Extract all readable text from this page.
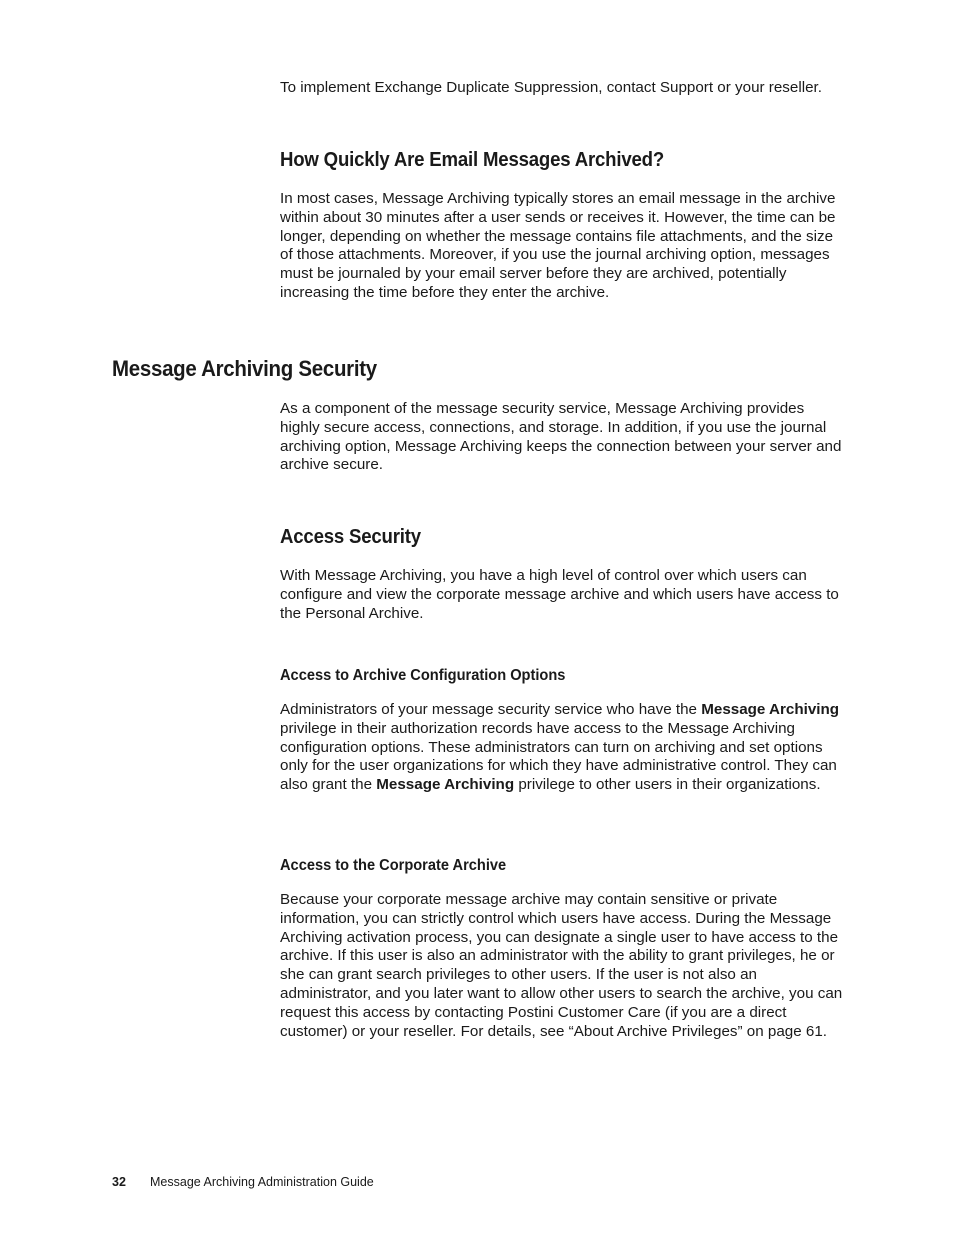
To implement Exchange Duplicate Suppression, contact Support or your reseller.

How Quickly Are Email Messages Archived?

In most cases, Message Archiving typically stores an email message in the archive within about 30 minutes after a user sends or receives it. However, the time can be longer, depending on whether the message contains file attachments, and the size of those attachments. Moreover, if you use the journal archiving option, messages must be journaled by your email server before they are archived, potentially increasing the time before they enter the archive.

Message Archiving Security

As a component of the message security service, Message Archiving provides highly secure access, connections, and storage. In addition, if you use the journal archiving option, Message Archiving keeps the connection between your server and archive secure.

Access Security

With Message Archiving, you have a high level of control over which users can configure and view the corporate message archive and which users have access to the Personal Archive.

Access to Archive Configuration Options

Administrators of your message security service who have the Message Archiving privilege in their authorization records have access to the Message Archiving configuration options. These administrators can turn on archiving and set options only for the user organizations for which they have administrative control. They can also grant the Message Archiving privilege to other users in their organizations.

Access to the Corporate Archive

Because your corporate message archive may contain sensitive or private information, you can strictly control which users have access. During the Message Archiving activation process, you can designate a single user to have access to the archive. If this user is also an administrator with the ability to grant privileges, he or she can grant search privileges to other users. If the user is not also an administrator, and you later want to allow other users to search the archive, you can request this access by contacting Postini Customer Care (if you are a direct customer) or your reseller. For details, see “About Archive Privileges” on page 61.

32 Message Archiving Administration Guide
